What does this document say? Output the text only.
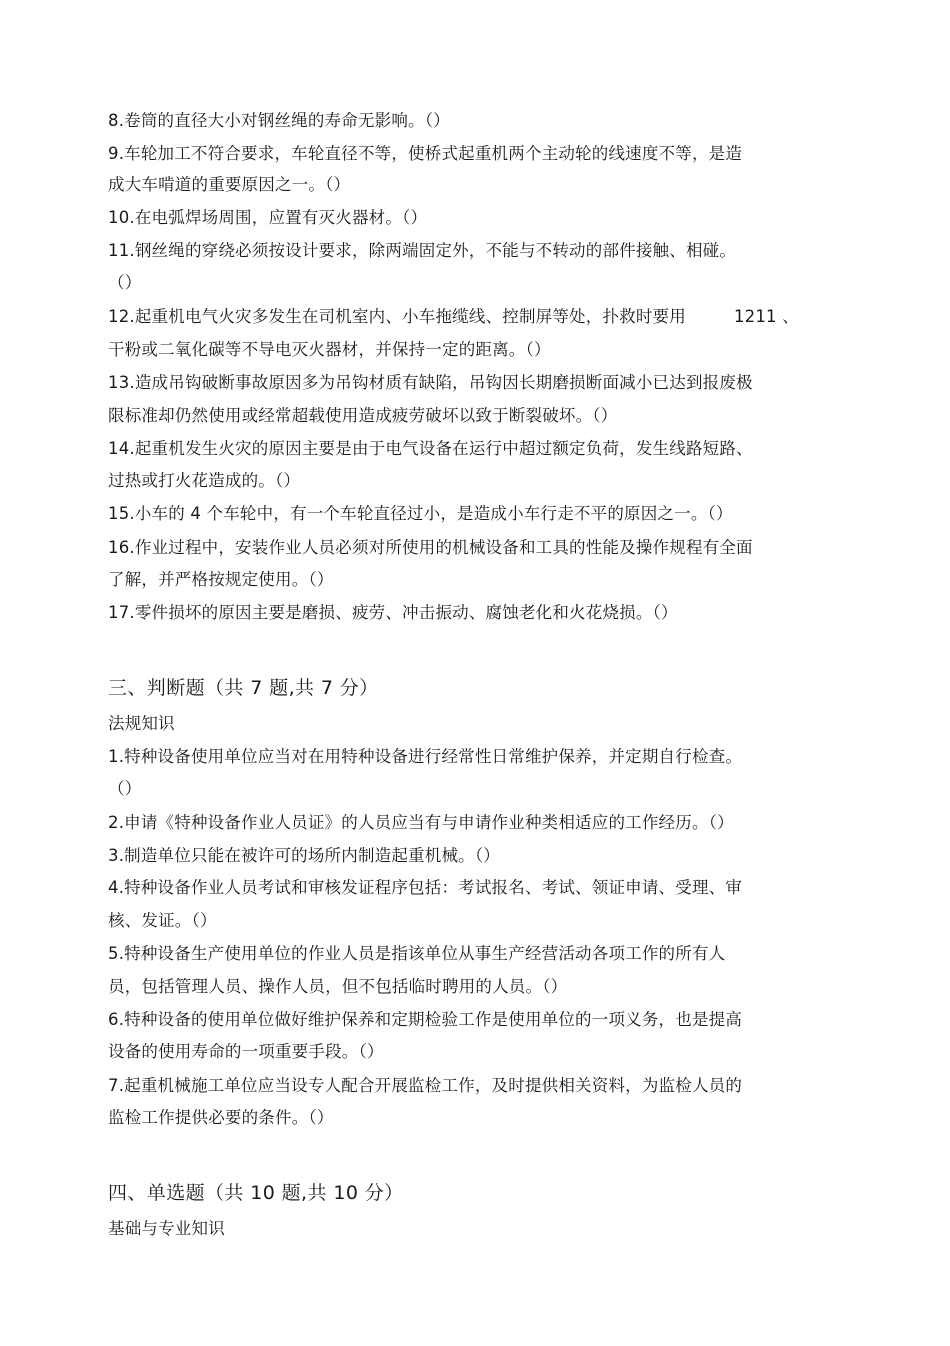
8.卷筒的直径大小对钢丝绳的寿命无影响。（）
9.车轮加工不符合要求，车轮直径不等，使桥式起重机两个主动轮的线速度不等，是造
成大车啃道的重要原因之一。（）
10.在电弧焊场周围，应置有灭火器材。（）
11.钢丝绳的穿绕必须按设计要求，除两端固定外，不能与不转动的部件接触、相碰。
（）
12.起重机电气火灾多发生在司机室内、小车拖缆线、控制屏等处，扑救时要用	1211 、
干粉或二氧化碳等不导电灭火器材，并保持一定的距离。（）
13.造成吊钩破断事故原因多为吊钩材质有缺陷，吊钩因长期磨损断面减小已达到报废极
限标准却仍然使用或经常超载使用造成疲劳破坏以致于断裂破坏。（）
14.起重机发生火灾的原因主要是由于电气设备在运行中超过额定负荷，发生线路短路、
过热或打火花造成的。（）
15.小车的 4 个车轮中，有一个车轮直径过小，是造成小车行走不平的原因之一。（）
16.作业过程中，安装作业人员必须对所使用的机械设备和工具的性能及操作规程有全面
了解，并严格按规定使用。（）
17.零件损坏的原因主要是磨损、疲劳、冲击振动、腐蚀老化和火花烧损。（）
三、判断题（共 7 题,共 7 分）
法规知识
1.特种设备使用单位应当对在用特种设备进行经常性日常维护保养，并定期自行检查。
（）
2.申请《特种设备作业人员证》的人员应当有与申请作业种类相适应的工作经历。（）
3.制造单位只能在被许可的场所内制造起重机械。（）
4.特种设备作业人员考试和审核发证程序包括：考试报名、考试、领证申请、受理、审
核、发证。（）
5.特种设备生产使用单位的作业人员是指该单位从事生产经营活动各项工作的所有人
员，包括管理人员、操作人员，但不包括临时聘用的人员。（）
6.特种设备的使用单位做好维护保养和定期检验工作是使用单位的一项义务，也是提高
设备的使用寿命的一项重要手段。（）
7.起重机械施工单位应当设专人配合开展监检工作，及时提供相关资料，为监检人员的
监检工作提供必要的条件。（）
四、单选题（共 10 题,共 10 分）
基础与专业知识
